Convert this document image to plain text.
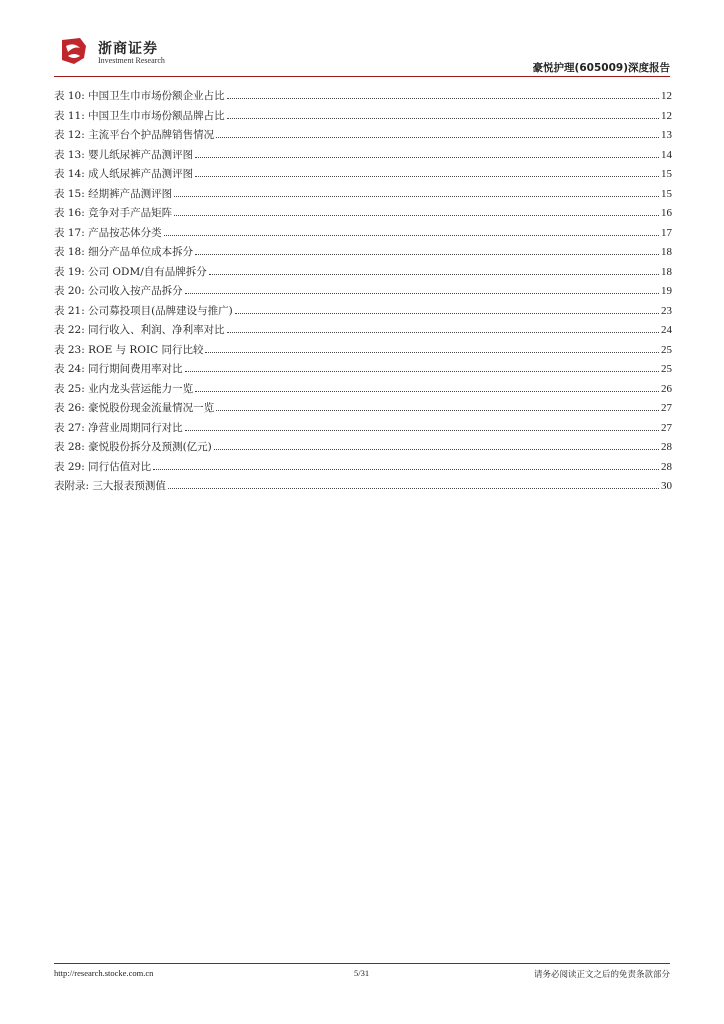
浙商证券
Investment Research
豪悦护理(605009)深度报告
表 10: 中国卫生巾市场份额企业占比	12
表 11: 中国卫生巾市场份额品牌占比	12
表 12: 主流平台个护品牌销售情况	13
表 13: 婴儿纸尿裤产品测评图	14
表 14: 成人纸尿裤产品测评图	15
表 15: 经期裤产品测评图	15
表 16: 竞争对手产品矩阵	16
表 17: 产品按芯体分类	17
表 18: 细分产品单位成本拆分	18
表 19: 公司 ODM/自有品牌拆分	18
表 20: 公司收入按产品拆分	19
表 21: 公司募投项目(品牌建设与推广)	23
表 22: 同行收入、利润、净利率对比	24
表 23: ROE 与 ROIC 同行比较	25
表 24: 同行期间费用率对比	25
表 25: 业内龙头营运能力一览	26
表 26: 豪悦股份现金流量情况一览	27
表 27: 净营业周期同行对比	27
表 28: 豪悦股份拆分及预测(亿元)	28
表 29: 同行估值对比	28
表附录: 三大报表预测值	30
http://research.stocke.com.cn	5/31	请务必阅读正文之后的免责条款部分
